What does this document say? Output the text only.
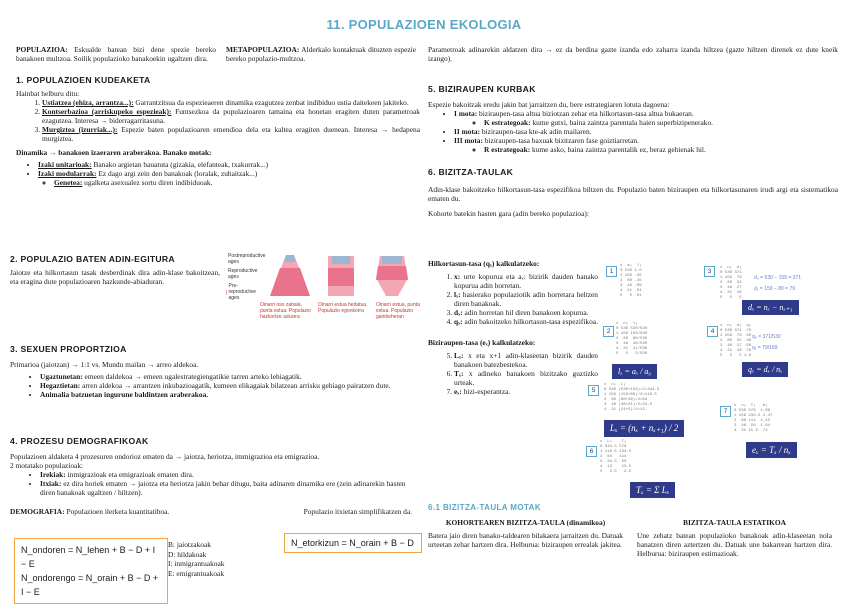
11. POPULAZIOEN EKOLOGIA

POPULAZIOA: Eskualde batean bizi dene spezie bereko banakoen multzoa. Soilik populazioko banakoekin ugaltzen dira.

METAPOPULAZIOA: Alderkalo kontaktuak dituzten espezie bereko populazio-multzoa.

1. POPULAZIOEN KUDEAKETA

Hainbat helburu ditu:

1. Ustiatzea (ehiza, arrantza...): Garrantzitsua da espezieaeren dinamika ezagutzea zenbat indibiduo ustia daitekeen jakiteko.
2. Kontserbazioa (arriskupeko espezieak): Funtsezkoa da populazioaren tamaina eta honetan eragiten duten parametroak ezagutzea. Interesa → biderragarritasuna.
3. Murgiztea (izurriak...): Espezie baten populazioaren emendioa dela eta kaltea eragiten duenean. Interesa → hedapena murgiztea.

Dinamika → banakoen izaeraren araberakoa. Banako motak:

• Izaki unitarioak: Banako argietan bauatuta (gizakia, elefanteak, txakurrak...)
• Izaki modularrak: Ez dago argi zein den banakoak (loralak, zuhaitzak...)
◦ Geneteа: ugalketa asexualez sortu diren indibiduoak.

2. POPULAZIO BATEN ADIN-EGITURA

Jaiotze eta hilkortasun tasak desberdinak dira adin-klase bakoitzean, eta eragina dute populazioaren hazkunde-abiaduran.

Postreproductive ages
Reproductive ages
Pre-reproductive ages

Oinarri oso zabala, punta estua. Populazio hazkortze azkarra

Oinarri estua hedatua. Populazio egonkorra

Oinarri estua, punta estua. Populazio gainbeheran

3. SEXUEN PROPORTZIOA

Primarioa (jaiotzan) → 1:1 vs. Mundu mailan → arreo aldekoa.

• Ugaztunetan: emeen daldekoa → emeen ugalestrategiengatikie tarren arteko lehiagatik.
• Hegaztietan: arren aldekoa → arrantzen inkubazioagatik, kumeen elikagaiak bilatzean arrisku gehiago pairatzen dute.
• Animalia batzuetan ingurune baldintzen araberakoa.

4. PROZESU DEMOGRAFIKOAK

Populazioen aldaketa 4 prozesuren ondorioz ematen da → jaiotza, heriotza, immigrazioa eta emigrazioa.

2 motatako populazioak:

• Irekiak: inmigrazioak eta emigrazioak ematen dira.
• Itxiak: ez dira horiek ematen → jaiotza eta heriotza jakin behar ditugu, baita adinaren dinamika ere (zein adinarekin hasten diren banakoak ugaltzen / hiltzen).

DEMOGRAFIA: Populazioen ilerketa kuantitatiboa.	Populazio itxietan simplifikatzen da.

N_ondoren = N_lehen + B − D + I − E
N_ondorengo = N_orain + B − D + I − E
B: jaiotzakoak
D: hildakoak
I: inmigrantuakoak
E: emigrantuakoak
N_etorkizun = N_orain + B − D

Parametroak adinarekin aldatzen dira → ez da berdina gazte izanda edo zaharra izanda hiltzea (gazte hiltzen direnek ez dute kneik izango).

5. BIZIRAUPEN KURBAK

Espezie bakoitzak eredu jakin bat jarraitzen du, bere estrategiaren lotuta dagoena:

• I mota: biziraupen-tasa altua biziotzan zehar eta hilkortasun-tasa altua bukaeran.
◦ K estrategoak: kume gutxi, baina zaintza parentala haien superbizipenerako.
• II mota: biziraupen-tasa kte-ak adin mailaren.
• III mota: biziraupen-tasa baxuak bizitzaren fase goiztiarretan.
◦ R estrategoak: kume asko, baina zaintza parentalik ez, beraz gehienak hil.

6. BIZITZA-TAULAK

Adin-klase bakoitzeko hilkortasun-tasa espezifikoa biltzen du. Populazio baten biziraupen eta hilkortasunaren irudi argi eta sistematikoa ematen du.

Kohorte batekin hasten gara (adin bereko populazioa):

Hilkortasun-tasa (qₓ) kalkulatzeko:

1. x: urte kopurua eta aₓ: bizirik dauden banako kopurua adin horretan.
2. lₓ: hasierako populaziotik adin horretara heltzen diren banakoak.
3. dₓ: adin horretan hil diren banakoen kopurua.
4. qₓ: adin bakoitzeko hilkortasun-tasa espezifikoa.

Biziraupen-tasa (eₓ) kalkulatzeko:

5. Lₓ: x eta x+1 adin-klaseetan bizirik dauden banakoen batezbestekoa.
6. Tₓ: x adineko banakoen bizitzako guztizko urteak.
7. eₓ: bizi-esperantza.
1
x  aₓ  lₓ
0 530 1.0
1 159 .30
2  80 .15
3  48 .09
4  21 .04
5   5 .01
3	x  nₓ  dₓ
0 530 371
1 159  79
2  80  32
3  48  27
4  21  16
5   5   5
d₀ = 530 − 159 = 371
d₁ = 159 − 80 = 79
dₓ = nₓ − nₓ₊₁
2
x  nₓ  lₓ
0 530 530/530
1 159 159/530
2  80  80/530
3  48  48/530
4  21  21/530
5   5   5/530
lₓ = aₓ / a₀
4
x  nₓ  dₓ  qₓ
0 530 371 .70
1 159  79 .50
2  80  32 .40
3  48  27 .56
4  21  16 .76
5   5   5 1.0
q₀ = 371/530
q₁ = 79/159
qₓ = dₓ / nₓ
5
x  nₓ  Lₓ
0 530 (530+159)/2=344.5
1 159 (159+80)/2=119.5
2  80 (80+48)/2=64
3  48 (48+21)/2=34.5
4  21 (21+5)/2=13
Lₓ = (nₓ + nₓ₊₁) / 2
6
x  Lₓ    Tₓ
0 344.5 578
1 119.5 233.5
2  64   114
3  34.5  50
4  13    15.5
5   2.5   2.5
Tₓ = Σ Lₓ
7
x  nₓ  Tₓ   eₓ
0 530 578  1.09
1 159 233.5 1.47
2  80 114  1.43
3  48  50  1.04
4  21 15.5 .74
eₓ = Tₓ / nₓ

6.1 BIZITZA-TAULA MOTAK

KOHORTEAREN BIZITZA-TAULA (dinamikoa)

Batera jaio diren banako-taldearen bilakaera jarraitzen du. Datuak urteetan zehar hartzen dira. Helburua: biziraupen errealak jakitea.

BIZITZA-TAULA ESTATIKOA

Une zehatz batean populazioko banakoak adin-klaseetan nola banatzen diren aztertzen du. Datuak une bakarrean hartzen dira. Helburua: biziraupen estimazioak.
